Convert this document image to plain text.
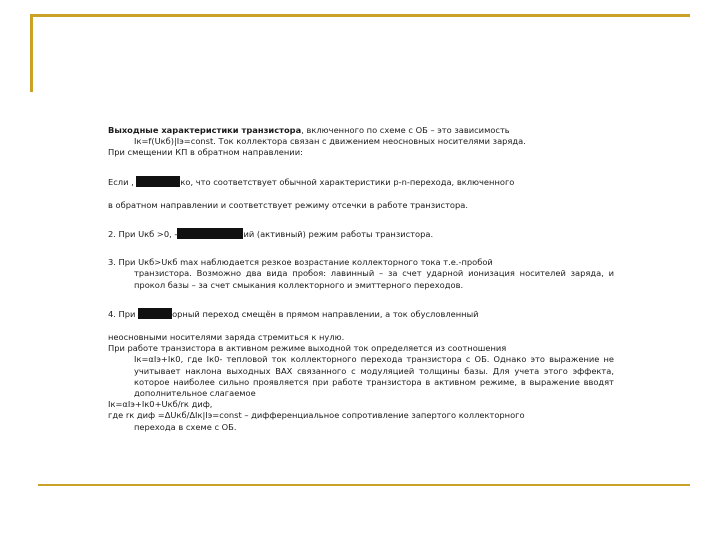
Выходные характеристики транзистора, включенного по схеме с ОБ – это зависимость

Iк=f(Uкб)|Iэ=const. Ток коллектора связан с движением неосновных носителями заряда.

При смещении КП в обратном направлении:

Если ,	ко, что соответствует обычной характеристики p-n-перехода, включенного

в обратном направлении и соответствует режиму отсечки в работе транзистора.

2. При Uкб >0, -	ий (активный) режим работы транзистора.

3. При Uкб>Uкб max наблюдается резкое возрастание коллекторного тока т.е.-пробой

транзистора. Возможно два вида пробоя: лавинный – за счет ударной ионизация носителей заряда, и прокол базы – за счет смыкания коллекторного и эмиттерного переходов.

4. При	орный переход смещён в прямом направлении, а ток обусловленный

неосновными носителями заряда стремиться к нулю.

При работе транзистора в активном режиме выходной ток определяется из соотношения

Iк=αIэ+Iк0, где Iк0- тепловой ток коллекторного перехода транзистора с ОБ. Однако это выражение не учитывает наклона выходных ВАХ связанного с модуляцией толщины базы. Для учета этого эффекта, которое наиболее сильно проявляется при работе транзистора в активном режиме, в выражение вводят дополнительное слагаемое

Iк=αIэ+Iк0+Uкб/rк диф,

где rк диф =ΔUкб/ΔIк|Iэ=const – дифференциальное сопротивление запертого коллекторного

перехода в схеме с ОБ.
